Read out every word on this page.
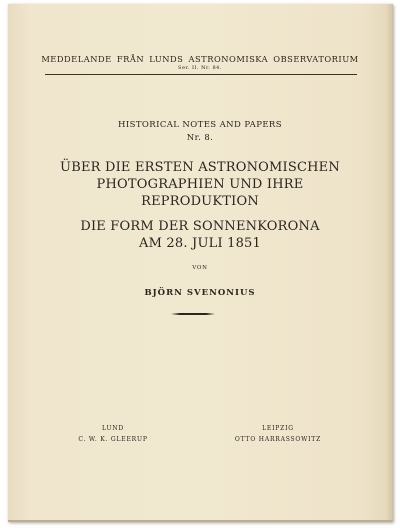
MEDDELANDE FRÅN LUNDS ASTRONOMISKA OBSERVATORIUM
Ser. II. Nr. 84.
HISTORICAL NOTES AND PAPERS
Nr. 8.
ÜBER DIE ERSTEN ASTRONOMISCHEN
PHOTOGRAPHIEN UND IHRE
REPRODUKTION
DIE FORM DER SONNENKORONA
AM 28. JULI 1851
VON
BJÖRN SVENONIUS
LUND
C. W. K. GLEERUP
LEIPZIG
OTTO HARRASSOWITZ
